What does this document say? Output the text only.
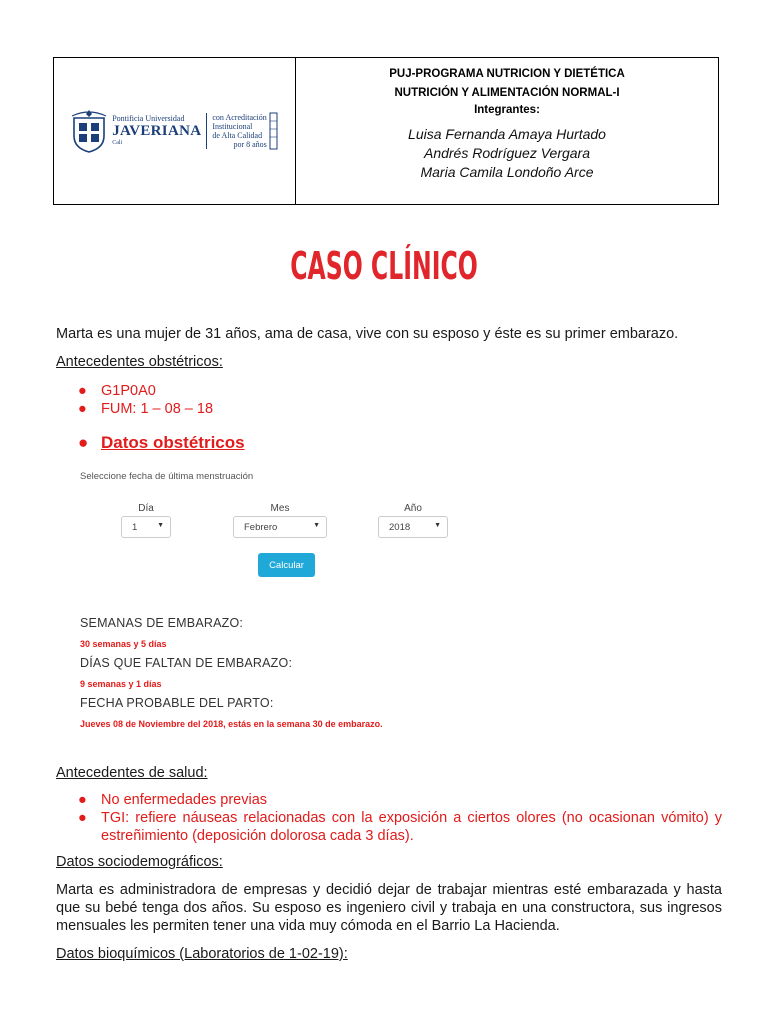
Pontificia Universidad
JAVERIANA
Cali
con Acreditación
Institucional
de Alta Calidad
por 8 años
PUJ-PROGRAMA NUTRICION Y DIETÉTICA
NUTRICIÓN Y ALIMENTACIÓN NORMAL-I
Integrantes:
Luisa Fernanda Amaya Hurtado
Andrés Rodríguez Vergara
Maria Camila Londoño Arce
CASO CLÍNICO
Marta es una mujer de 31 años, ama de casa, vive con su esposo y éste es su primer embarazo.
Antecedentes obstétricos:
● G1P0A0
● FUM: 1 – 08 – 18
● Datos obstétricos
Seleccione fecha de última menstruación
Día	Mes	Año
1	▼	Febrero	▼	2018	▼
Calcular
SEMANAS DE EMBARAZO:
30 semanas y 5 días
DÍAS QUE FALTAN DE EMBARAZO:
9 semanas y 1 días
FECHA PROBABLE DEL PARTO:
Jueves 08 de Noviembre del 2018, estás en la semana 30 de embarazo.
Antecedentes de salud:
● No enfermedades previas
● TGI: refiere náuseas relacionadas con la exposición a ciertos olores (no ocasionan vómito) y estreñimiento (deposición dolorosa cada 3 días).
Datos sociodemográficos:
Marta es administradora de empresas y decidió dejar de trabajar mientras esté embarazada y hasta que su bebé tenga dos años. Su esposo es ingeniero civil y trabaja en una constructora, sus ingresos mensuales les permiten tener una vida muy cómoda en el Barrio La Hacienda.
Datos bioquímicos (Laboratorios de 1-02-19):
